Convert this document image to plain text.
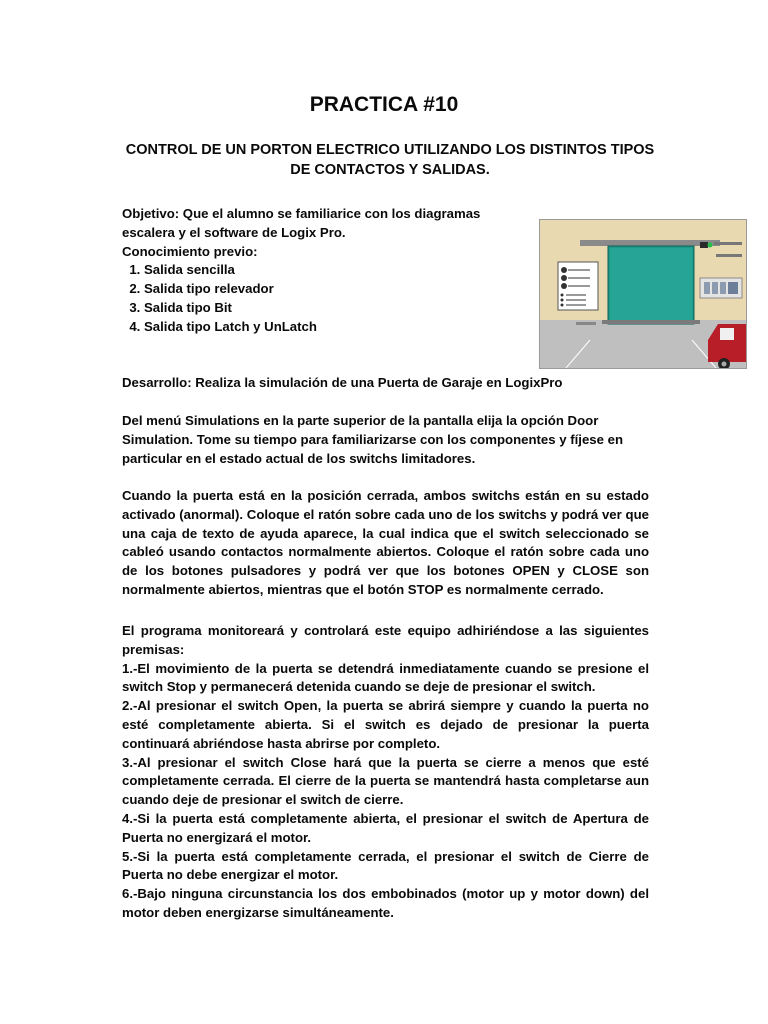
PRACTICA #10
CONTROL DE UN PORTON ELECTRICO UTILIZANDO LOS DISTINTOS TIPOS
DE CONTACTOS Y SALIDAS.

Objetivo: Que el alumno se familiarice con los diagramas escalera y el software de Logix Pro.

Conocimiento previo:

1. Salida sencilla
2. Salida tipo relevador
3. Salida tipo Bit
4. Salida tipo Latch y UnLatch

Desarrollo: Realiza la simulación de una Puerta de Garaje en LogixPro

Del menú Simulations en la parte superior de la pantalla elija la opción Door Simulation. Tome su tiempo para familiarizarse con los componentes y fíjese en particular en el estado actual de los switchs limitadores.

Cuando la puerta está en la posición cerrada, ambos switchs están en su estado activado (anormal). Coloque el ratón sobre cada uno de los switchs y podrá ver que una caja de texto de ayuda aparece, la cual indica que el switch seleccionado se cableó usando contactos normalmente abiertos. Coloque el ratón sobre cada uno de los botones pulsadores y podrá ver que los botones OPEN y CLOSE son normalmente abiertos, mientras que el botón STOP es normalmente cerrado.

El programa monitoreará y controlará este equipo adhiriéndose a las siguientes premisas:

1.-El movimiento de la puerta se detendrá inmediatamente cuando se presione el switch Stop y permanecerá detenida cuando se deje de presionar el switch.

2.-Al presionar el switch Open, la puerta se abrirá siempre y cuando la puerta no esté completamente abierta. Si el switch es dejado de presionar la puerta continuará abriéndose hasta abrirse por completo.

3.-Al presionar el switch Close hará que la puerta se cierre a menos que esté completamente cerrada. El cierre de la puerta se mantendrá hasta completarse aun cuando deje de presionar el switch de cierre.

4.-Si la puerta está completamente abierta, el presionar el switch de Apertura de Puerta no energizará el motor.

5.-Si la puerta está completamente cerrada, el presionar el switch de Cierre de Puerta no debe energizar el motor.

6.-Bajo ninguna circunstancia los dos embobinados (motor up y motor down) del motor deben energizarse simultáneamente.
